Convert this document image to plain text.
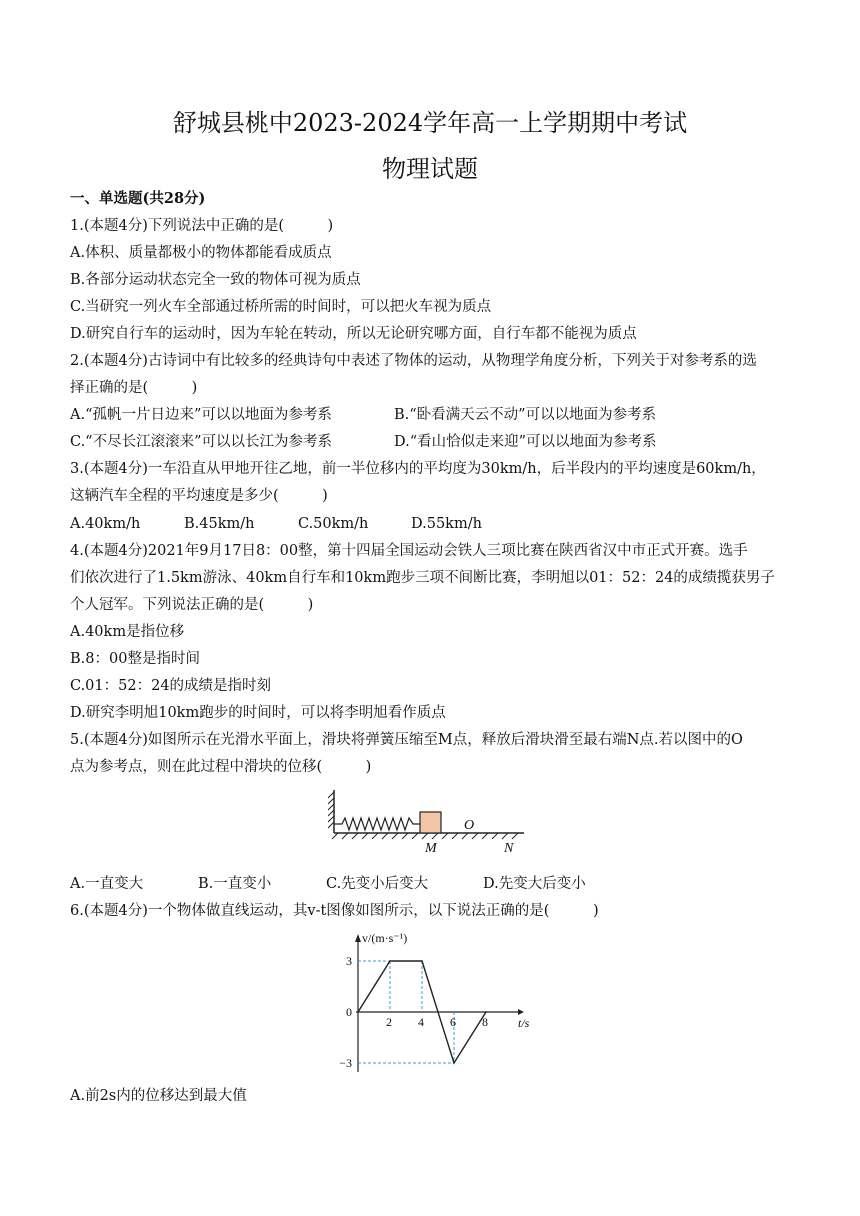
舒城县桃中2023-2024学年高一上学期期中考试
物理试题
一、单选题(共28分)
1.(本题4分)下列说法中正确的是(　　　)
A.体积、质量都极小的物体都能看成质点
B.各部分运动状态完全一致的物体可视为质点
C.当研究一列火车全部通过桥所需的时间时，可以把火车视为质点
D.研究自行车的运动时，因为车轮在转动，所以无论研究哪方面，自行车都不能视为质点
2.(本题4分)古诗词中有比较多的经典诗句中表述了物体的运动，从物理学角度分析，下列关于对参考系的选
择正确的是(　　　)
A.“孤帆一片日边来”可以以地面为参考系	B.“卧看满天云不动”可以以地面为参考系
C.“不尽长江滚滚来”可以以长江为参考系	D.“看山恰似走来迎”可以以地面为参考系
3.(本题4分)一车沿直从甲地开往乙地，前一半位移内的平均度为30km/h，后半段内的平均速度是60km/h，
这辆汽车全程的平均速度是多少(　　　)
A.40km/h	B.45km/h	C.50km/h	D.55km/h
4.(本题4分)2021年9月17日8：00整，第十四届全国运动会铁人三项比赛在陕西省汉中市正式开赛。选手
们依次进行了1.5km游泳、40km自行车和10km跑步三项不间断比赛，李明旭以01：52：24的成绩揽获男子
个人冠军。下列说法正确的是(　　　)
A.40km是指位移
B.8：00整是指时间
C.01：52：24的成绩是指时刻
D.研究李明旭10km跑步的时间时，可以将李明旭看作质点
5.(本题4分)如图所示在光滑水平面上，滑块将弹簧压缩至M点，释放后滑块滑至最右端N点.若以图中的O
点为参考点，则在此过程中滑块的位移(　　　)
O
M	N
A.一直变大	B.一直变小	C.先变小后变大	D.先变大后变小
6.(本题4分)一个物体做直线运动，其v-t图像如图所示，以下说法正确的是(　　　)
v/(m·s⁻¹)
t/s
2 4 6 8
3
0
−3
A.前2s内的位移达到最大值
